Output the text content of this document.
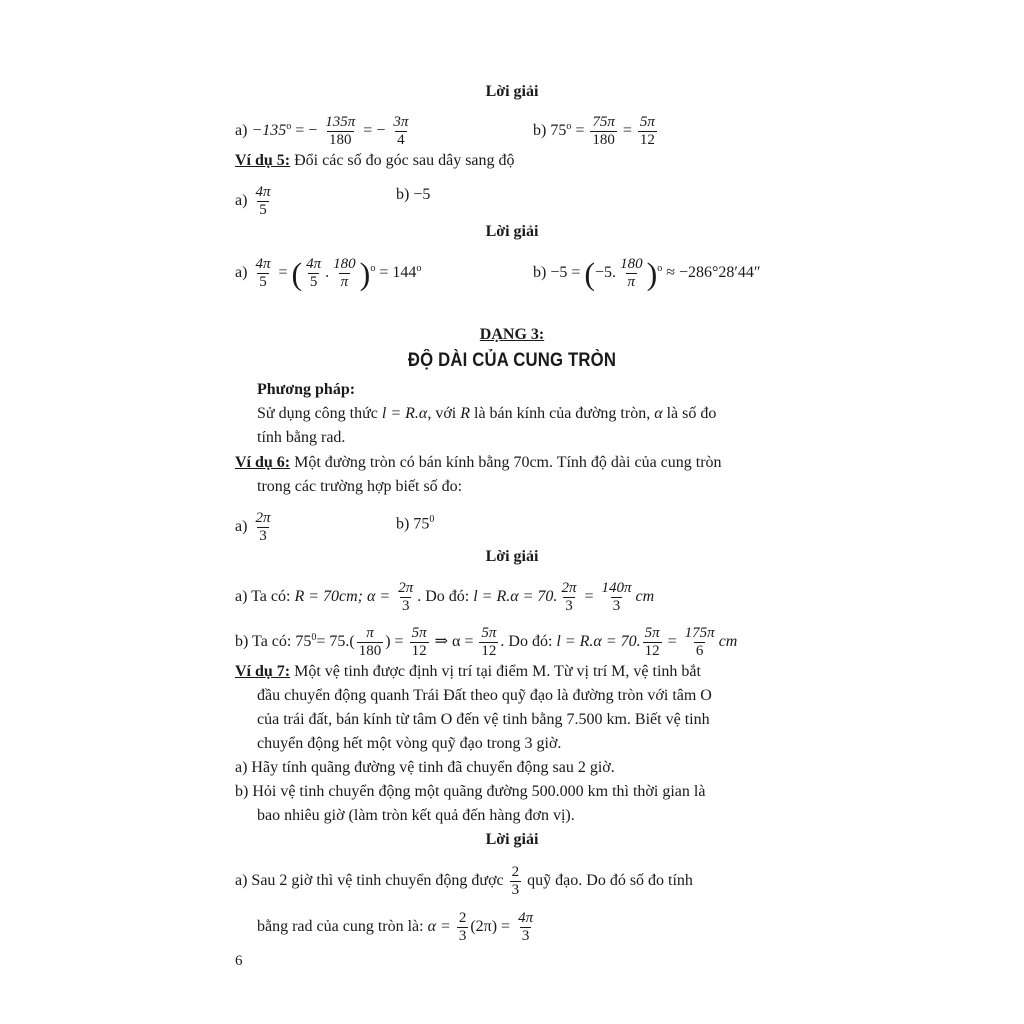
Lời giải
$a) -135^o$ = − $\frac{135\pi}{180}$ = − $\frac{3\pi}{4}$	b) $75^o = \frac{75\pi}{180} = \frac{5\pi}{12}$
Ví dụ 5: Đổi các số đo góc sau dây sang độ
$a) \frac{4\pi}{5}$	b) −5
Lời giải
$a) \frac{4\pi}{5}$ = ( $\frac{4\pi}{5}$ . $\frac{180}{\pi} )^o = 144^o$	b) −5 = (−5. $\frac{180}{\pi} )^o \approx -286^\circ 28'44''$
DẠNG 3:
ĐỘ DÀI CỦA CUNG TRÒN
Phương pháp:
Sử dụng công thức l = R.α, với R là bán kính của đường tròn, α là số đo
tính bằng rad.
Ví dụ 6: Một đường tròn có bán kính bằng 70cm. Tính độ dài của cung tròn
trong các trường hợp biết số đo:
$a) \frac{2\pi}{3}$	b) $75^0$
Lời giải
a) Ta có: R = 70cm; $\alpha = \frac{2\pi}{3}$ . Do đó: l = R.α = 70. $\frac{2\pi}{3} = \frac{140\pi}{3}$ cm
b) Ta có: $75^0= 75.( \frac{\pi}{180}$ ) = $\frac{5\pi}{12}$ ⇒ $\alpha = \frac{5\pi}{12}$ . Do đó: l = R.α = 70. $\frac{5\pi}{12} = \frac{175\pi}{6}$ cm
Ví dụ 7: Một vệ tinh được định vị trí tại điểm M. Từ vị trí M, vệ tinh bắt
đầu chuyển động quanh Trái Đất theo quỹ đạo là đường tròn với tâm O
của trái đất, bán kính từ tâm O đến vệ tinh bằng 7.500 km. Biết vệ tinh
chuyển động hết một vòng quỹ đạo trong 3 giờ.
a) Hãy tính quãng đường vệ tinh đã chuyển động sau 2 giờ.
b) Hỏi vệ tinh chuyển động một quãng đường 500.000 km thì thời gian là
bao nhiêu giờ (làm tròn kết quả đến hàng đơn vị).
Lời giải
a) Sau 2 giờ thì vệ tinh chuyển động được $\frac{2}{3}$ quỹ đạo. Do đó số đo tính
bằng rad của cung tròn là: $\alpha = \frac{2}{3} (2\pi) = \frac{4\pi}{3}$
6
